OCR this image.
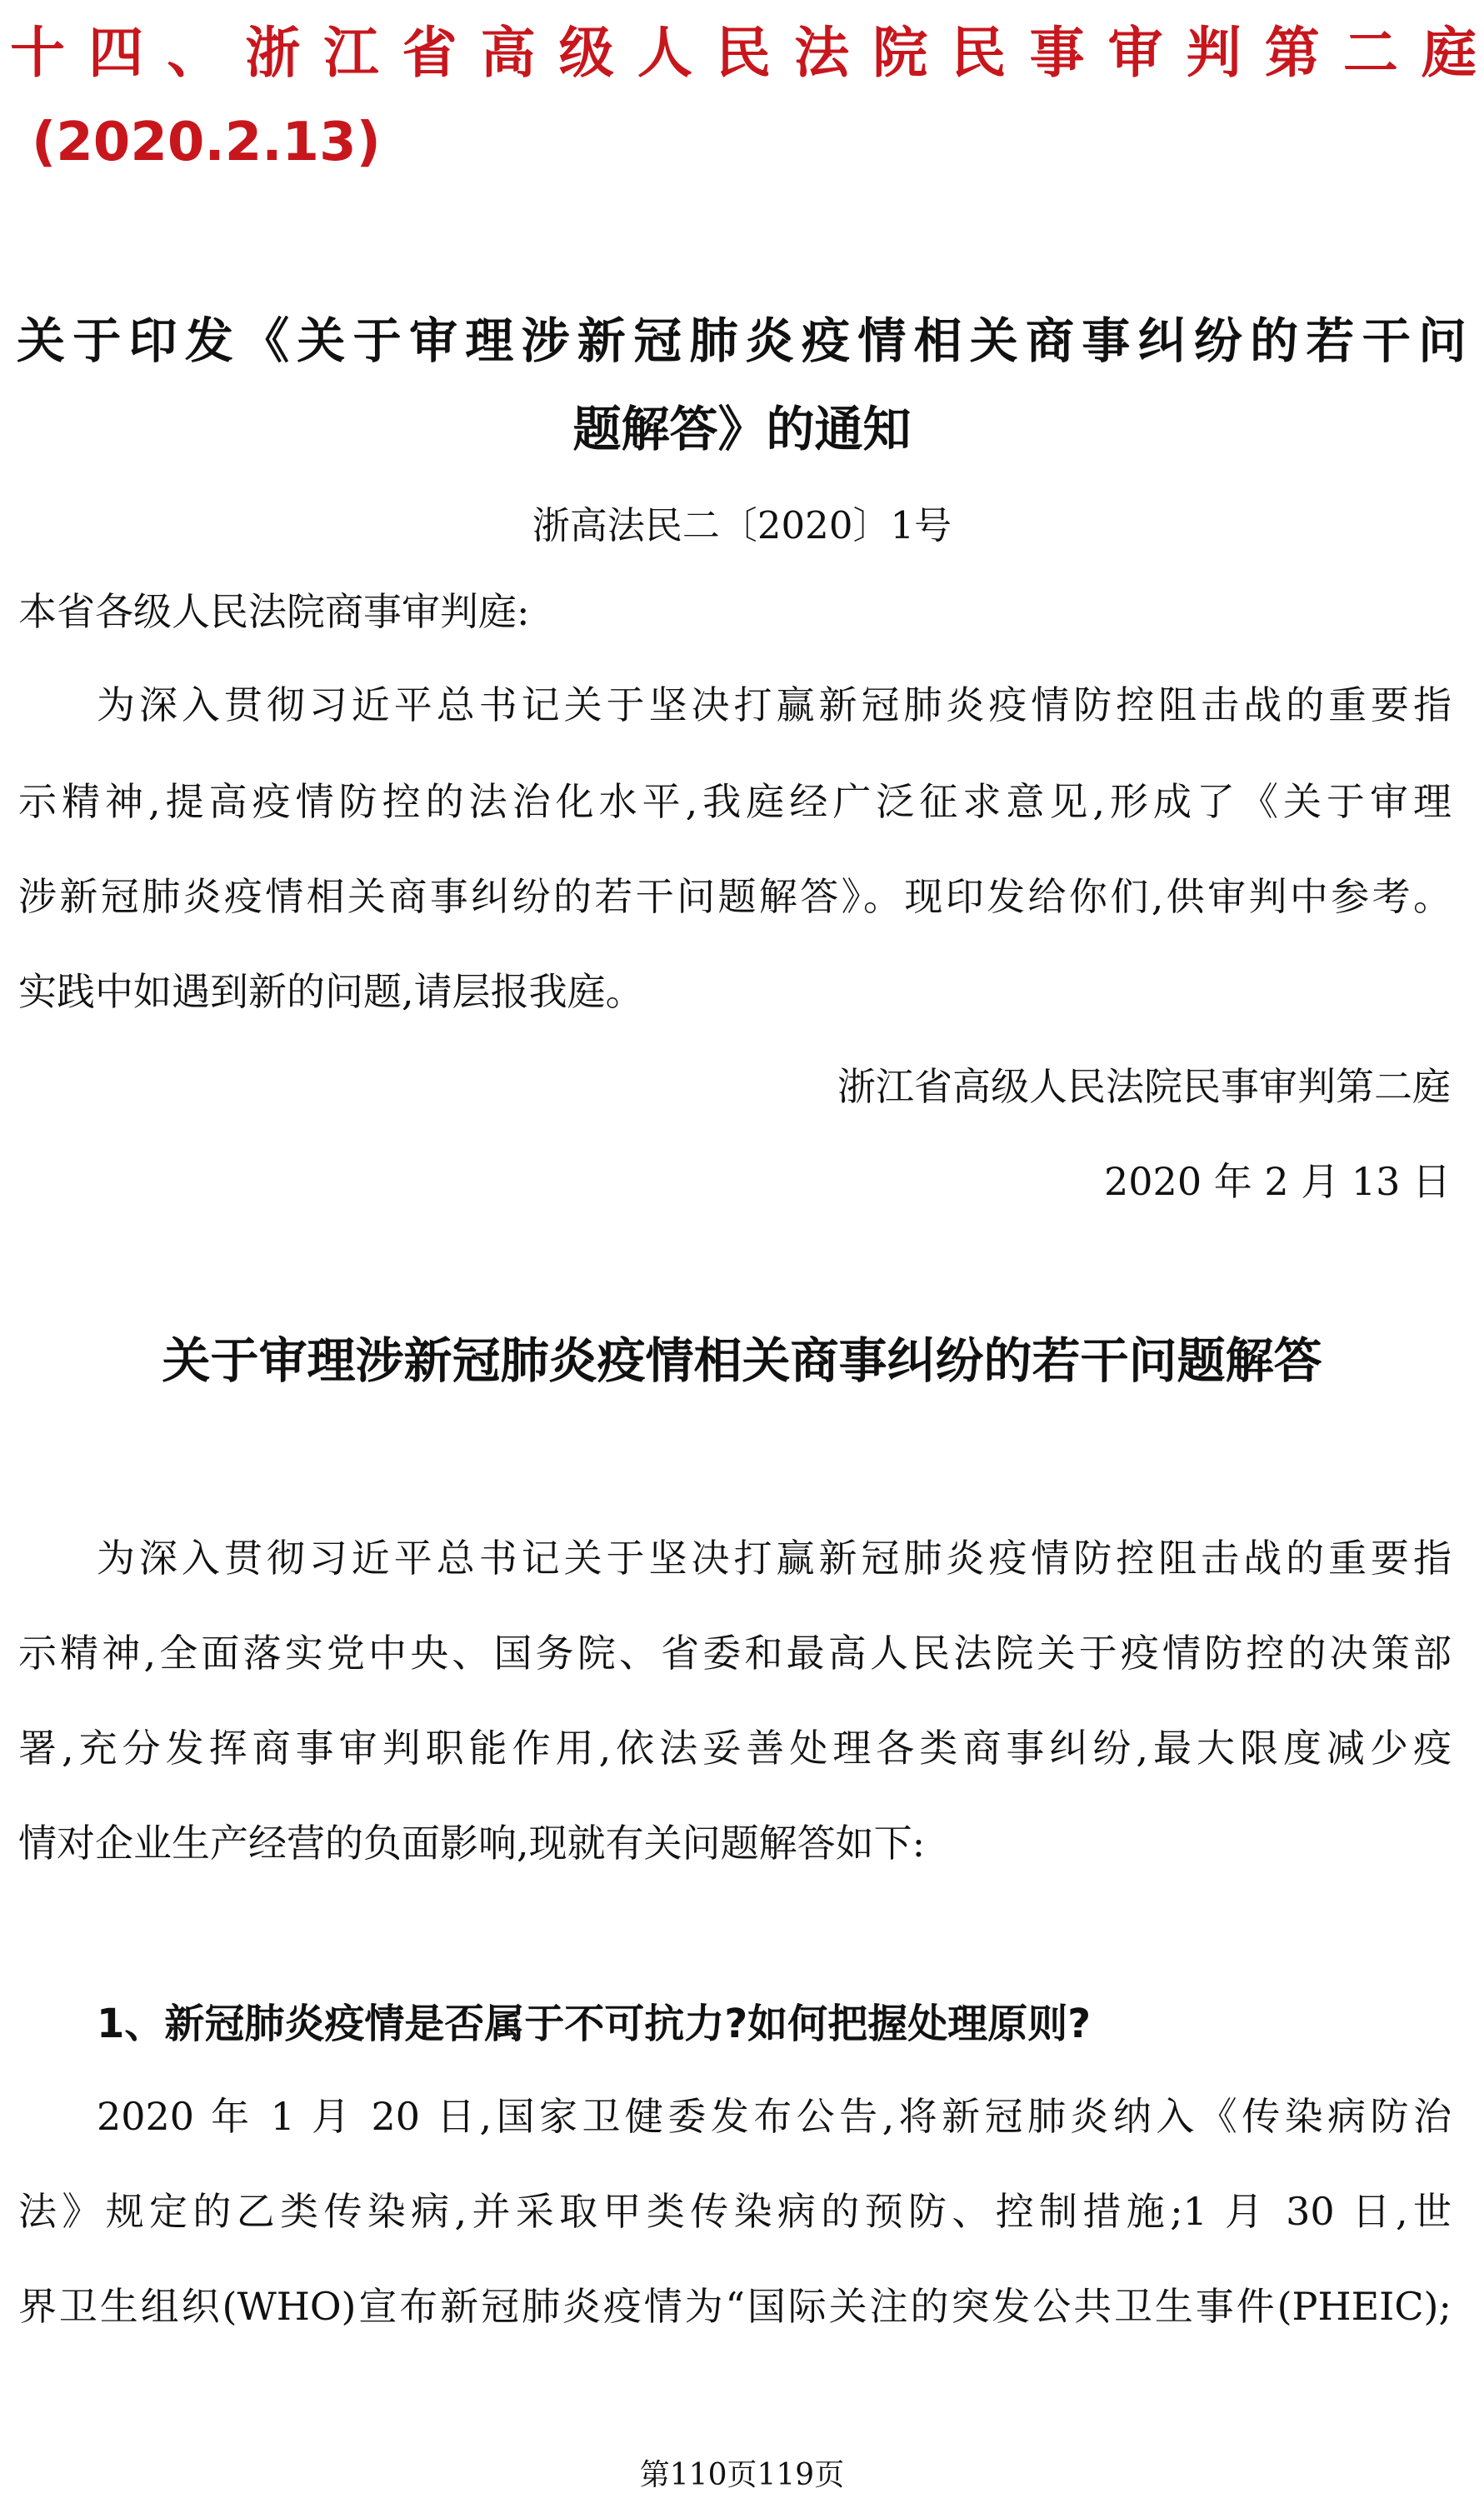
十四、浙江省高级人民法院民事审判第二庭
(2020.2.13)
关于印发《关于审理涉新冠肺炎疫情相关商事纠纷的若干问
题解答》的通知
浙高法民二〔2020〕1号
本省各级人民法院商事审判庭:
为深入贯彻习近平总书记关于坚决打赢新冠肺炎疫情防控阻击战的重要指
示精神,提高疫情防控的法治化水平,我庭经广泛征求意见,形成了《关于审理
涉新冠肺炎疫情相关商事纠纷的若干问题解答》。现印发给你们,供审判中参考。
实践中如遇到新的问题,请层报我庭。
浙江省高级人民法院民事审判第二庭
2020 年 2 月 13 日
关于审理涉新冠肺炎疫情相关商事纠纷的若干问题解答
为深入贯彻习近平总书记关于坚决打赢新冠肺炎疫情防控阻击战的重要指
示精神,全面落实党中央、国务院、省委和最高人民法院关于疫情防控的决策部
署,充分发挥商事审判职能作用,依法妥善处理各类商事纠纷,最大限度减少疫
情对企业生产经营的负面影响,现就有关问题解答如下:
1、新冠肺炎疫情是否属于不可抗力?如何把握处理原则?
2020 年 1 月 20 日,国家卫健委发布公告,将新冠肺炎纳入《传染病防治
法》规定的乙类传染病,并采取甲类传染病的预防、控制措施;1 月 30 日,世
界卫生组织(WHO)宣布新冠肺炎疫情为“国际关注的突发公共卫生事件(PHEIC);
第110页119页
